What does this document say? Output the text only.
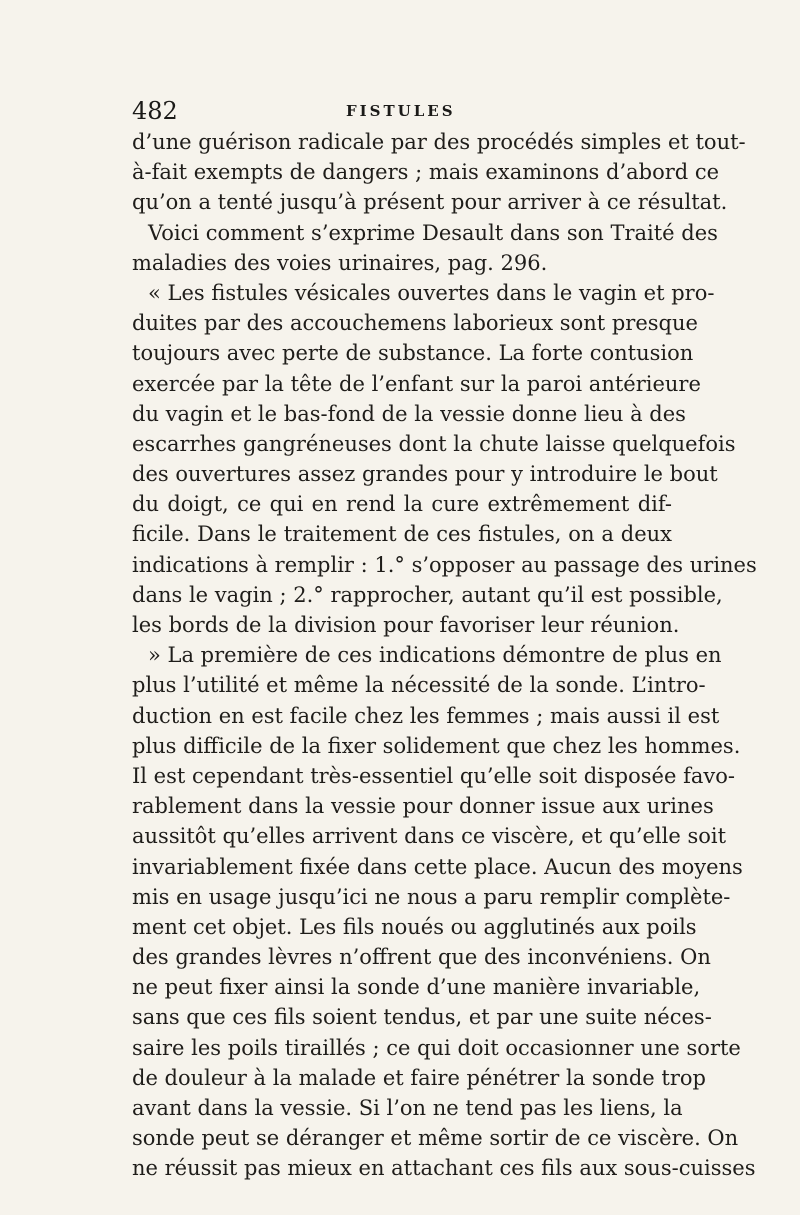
482	FISTULES
d’une guérison radicale par des procédés simples et tout-
à-fait exempts de dangers ; mais examinons d’abord ce
qu’on a tenté jusqu’à présent pour arriver à ce résultat.
Voici comment s’exprime Desault dans son Traité des
maladies des voies urinaires, pag. 296.
« Les fistules vésicales ouvertes dans le vagin et pro-
duites par des accouchemens laborieux sont presque
toujours avec perte de substance. La forte contusion
exercée par la tête de l’enfant sur la paroi antérieure
du vagin et le bas-fond de la vessie donne lieu à des
escarrhes gangréneuses dont la chute laisse quelquefois
des ouvertures assez grandes pour y introduire le bout
du doigt, ce qui en rend la cure extrêmement dif-
ficile. Dans le traitement de ces fistules, on a deux
indications à remplir : 1.° s’opposer au passage des urines
dans le vagin ; 2.° rapprocher, autant qu’il est possible,
les bords de la division pour favoriser leur réunion.
» La première de ces indications démontre de plus en
plus l’utilité et même la nécessité de la sonde. L’intro-
duction en est facile chez les femmes ; mais aussi il est
plus difficile de la fixer solidement que chez les hommes.
Il est cependant très-essentiel qu’elle soit disposée favo-
rablement dans la vessie pour donner issue aux urines
aussitôt qu’elles arrivent dans ce viscère, et qu’elle soit
invariablement fixée dans cette place. Aucun des moyens
mis en usage jusqu’ici ne nous a paru remplir complète-
ment cet objet. Les fils noués ou agglutinés aux poils
des grandes lèvres n’offrent que des inconvéniens. On
ne peut fixer ainsi la sonde d’une manière invariable,
sans que ces fils soient tendus, et par une suite néces-
saire les poils tiraillés ; ce qui doit occasionner une sorte
de douleur à la malade et faire pénétrer la sonde trop
avant dans la vessie. Si l’on ne tend pas les liens, la
sonde peut se déranger et même sortir de ce viscère. On
ne réussit pas mieux en attachant ces fils aux sous-cuisses
